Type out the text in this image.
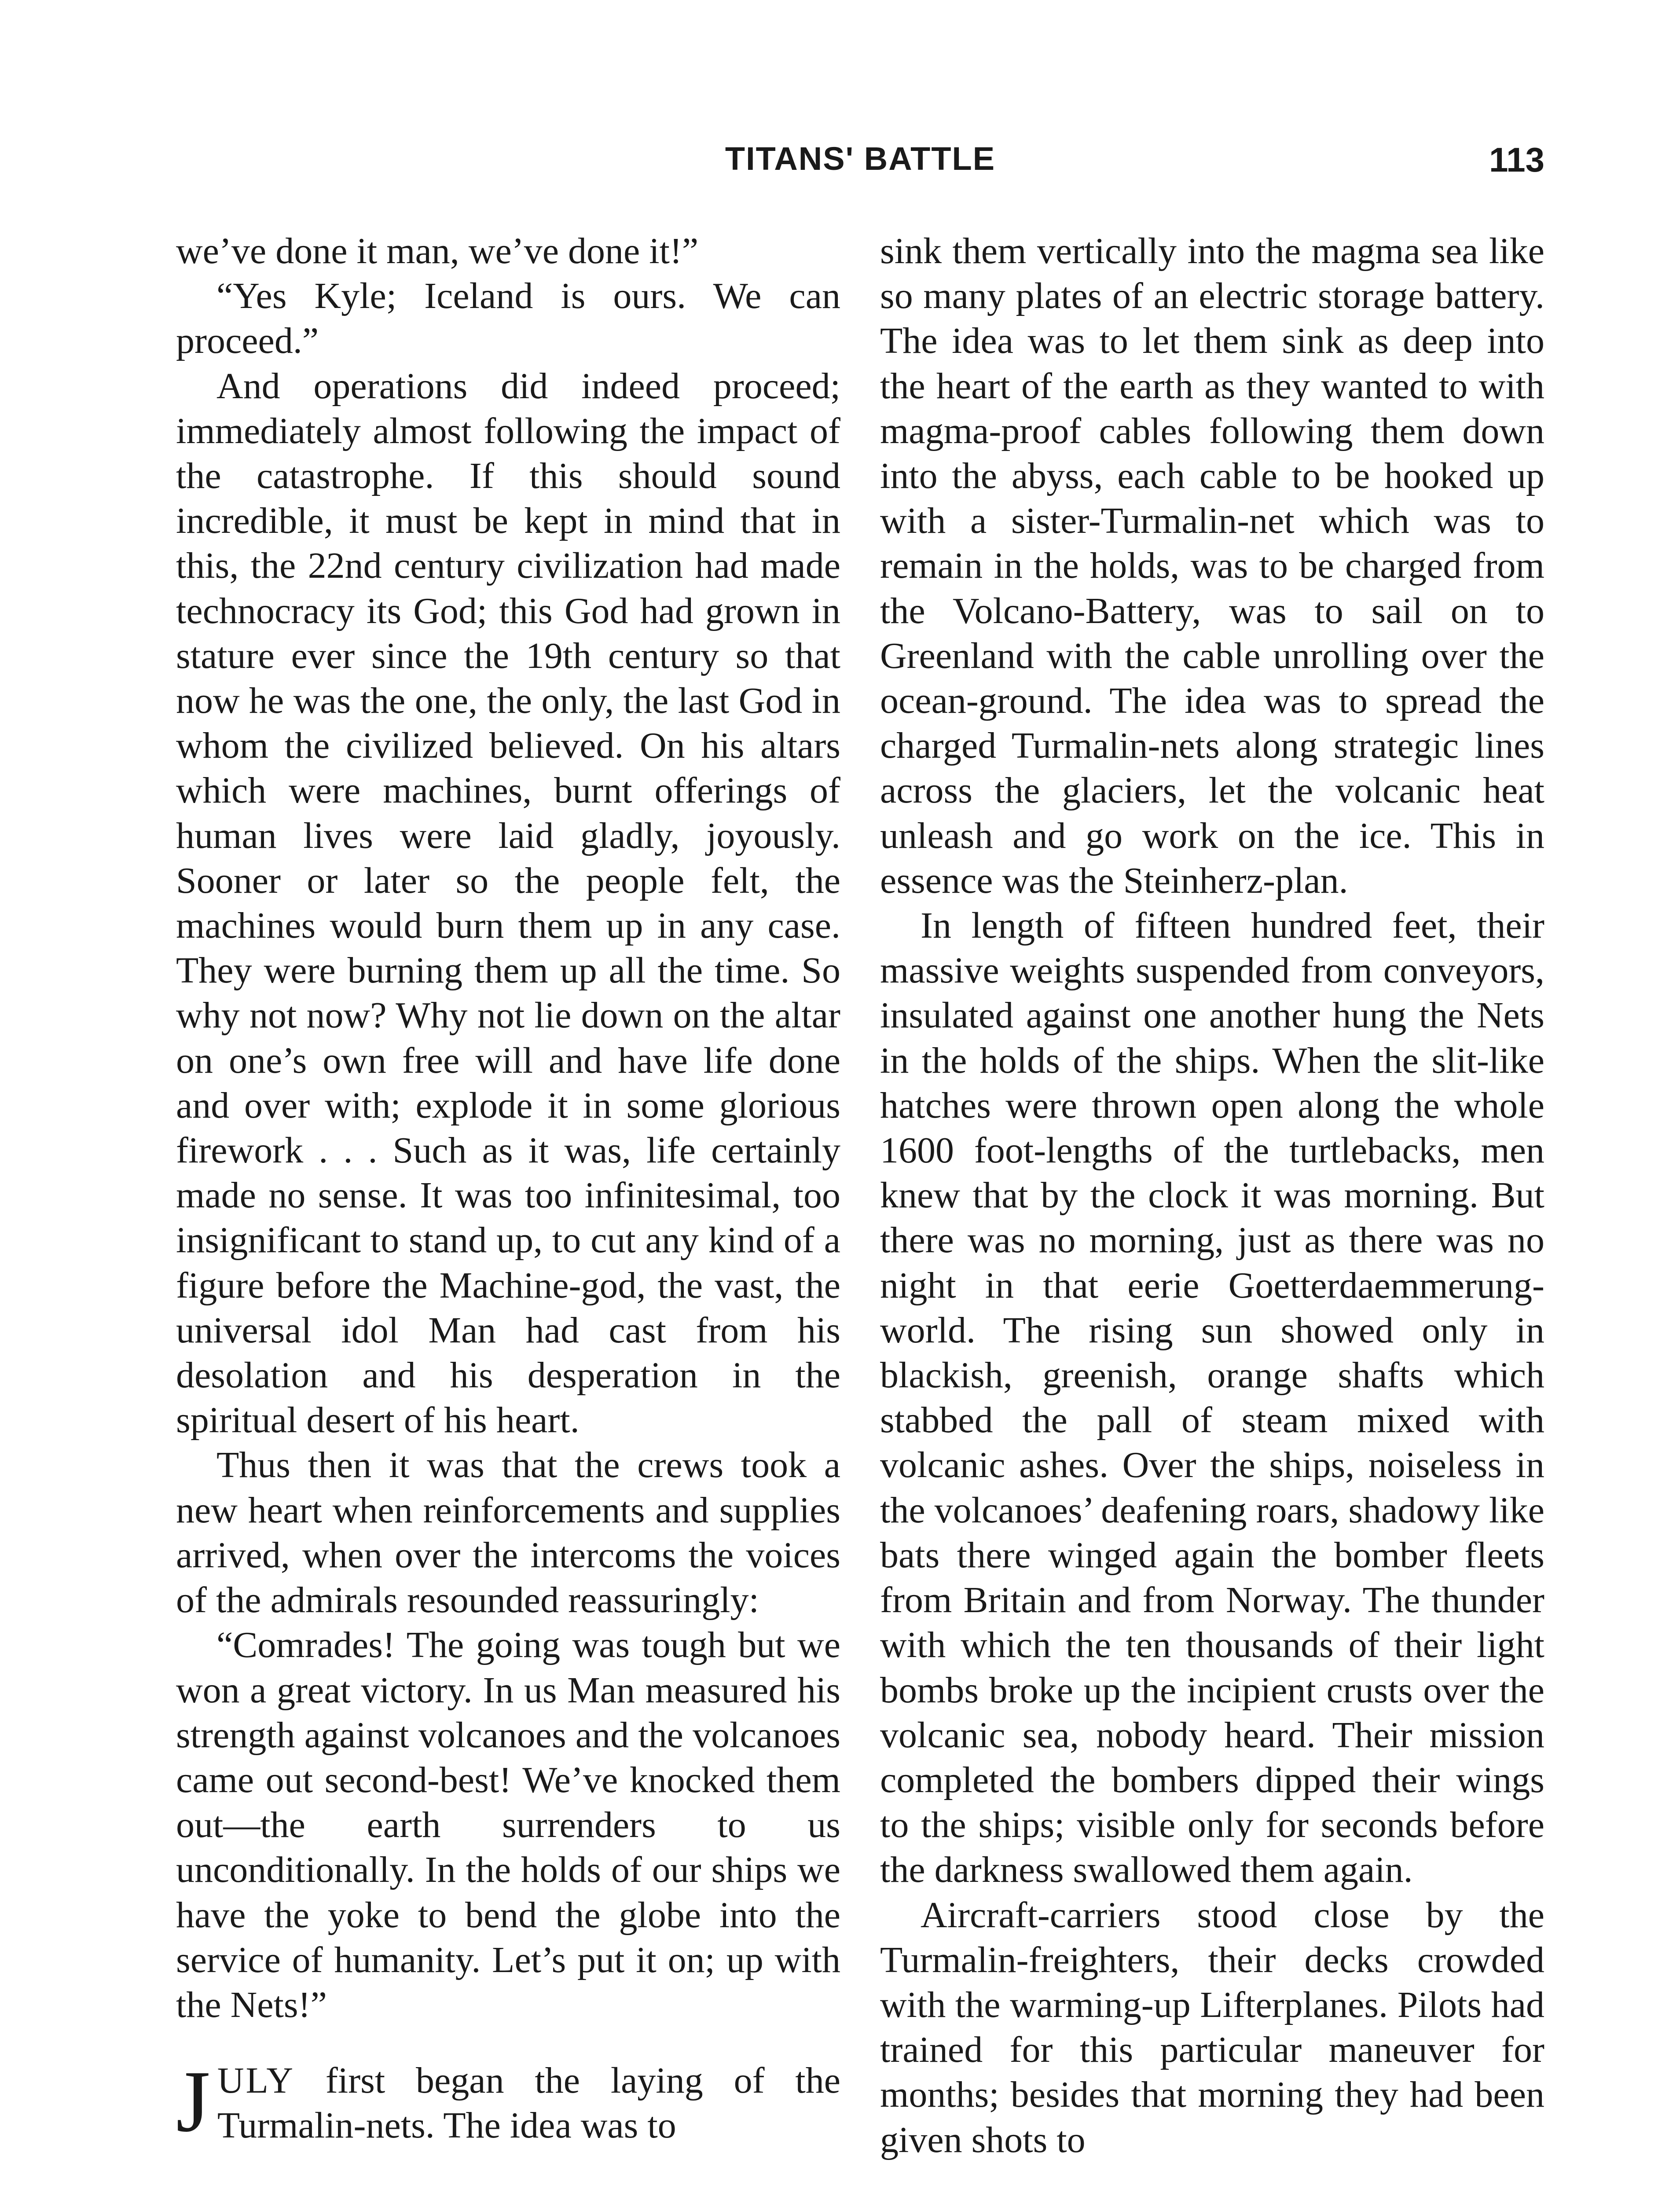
TITANS' BATTLE	113

we’ve done it man, we’ve done it!”

“Yes Kyle; Iceland is ours. We can proceed.”

And operations did indeed proceed; immediately almost following the impact of the catastrophe. If this should sound incredible, it must be kept in mind that in this, the 22nd century civilization had made technocracy its God; this God had grown in stature ever since the 19th century so that now he was the one, the only, the last God in whom the civilized believed. On his altars which were machines, burnt offerings of human lives were laid gladly, joyously. Sooner or later so the people felt, the machines would burn them up in any case. They were burning them up all the time. So why not now? Why not lie down on the altar on one’s own free will and have life done and over with; explode it in some glorious firework . . . Such as it was, life certainly made no sense. It was too infinitesimal, too insignificant to stand up, to cut any kind of a figure before the Machine-god, the vast, the universal idol Man had cast from his desolation and his desperation in the spiritual desert of his heart.

Thus then it was that the crews took a new heart when reinforcements and supplies arrived, when over the intercoms the voices of the admirals resounded reassuringly:

“Comrades! The going was tough but we won a great victory. In us Man measured his strength against volcanoes and the volcanoes came out second-best! We’ve knocked them out—the earth surrenders to us unconditionally. In the holds of our ships we have the yoke to bend the globe into the service of humanity. Let’s put it on; up with the Nets!”

JULY first began the laying of the Turmalin-nets. The idea was to

sink them vertically into the magma sea like so many plates of an electric storage battery. The idea was to let them sink as deep into the heart of the earth as they wanted to with magma-proof cables following them down into the abyss, each cable to be hooked up with a sister-Turmalin-net which was to remain in the holds, was to be charged from the Volcano-Battery, was to sail on to Greenland with the cable unrolling over the ocean-ground. The idea was to spread the charged Turmalin-nets along strategic lines across the glaciers, let the volcanic heat unleash and go work on the ice. This in essence was the Steinherz-plan.

In length of fifteen hundred feet, their massive weights suspended from conveyors, insulated against one another hung the Nets in the holds of the ships. When the slit-like hatches were thrown open along the whole 1600 foot-lengths of the turtlebacks, men knew that by the clock it was morning. But there was no morning, just as there was no night in that eerie Goetterdaemmerung-world. The rising sun showed only in blackish, greenish, orange shafts which stabbed the pall of steam mixed with volcanic ashes. Over the ships, noiseless in the volcanoes’ deafening roars, shadowy like bats there winged again the bomber fleets from Britain and from Norway. The thunder with which the ten thousands of their light bombs broke up the incipient crusts over the volcanic sea, nobody heard. Their mission completed the bombers dipped their wings to the ships; visible only for seconds before the darkness swallowed them again.

Aircraft-carriers stood close by the Turmalin-freighters, their decks crowded with the warming-up Lifterplanes. Pilots had trained for this particular maneuver for months; besides that morning they had been given shots to
